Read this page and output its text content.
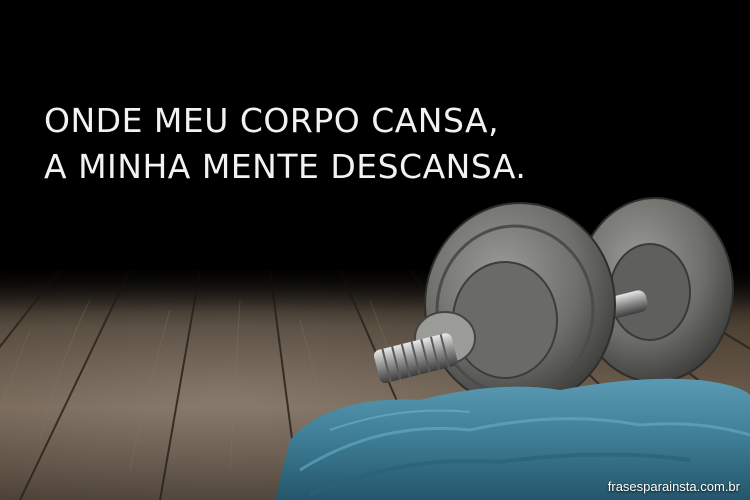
ONDE MEU CORPO CANSA,
A MINHA MENTE DESCANSA.
frasesparainsta.com.br
